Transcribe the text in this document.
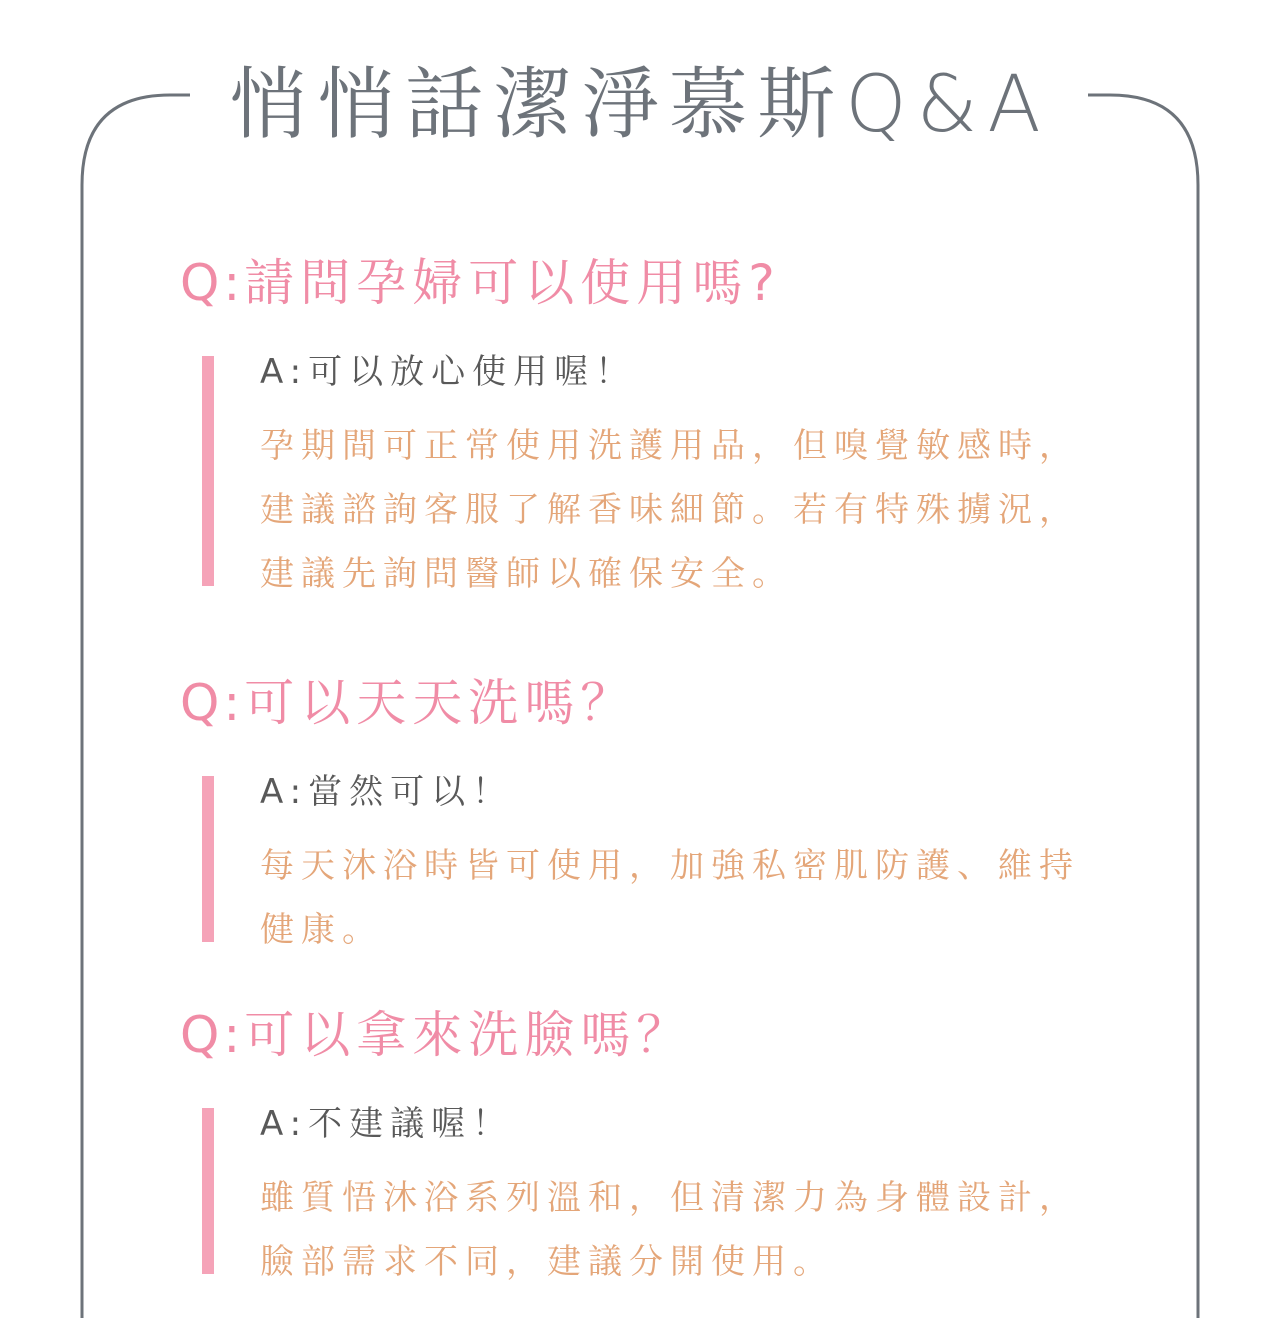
悄悄話潔淨慕斯Q&A
Q:請問孕婦可以使用嗎?
A:可以放心使用喔！
孕期間可正常使用洗護用品，但嗅覺敏感時，
建議諮詢客服了解香味細節。若有特殊擄況，
建議先詢問醫師以確保安全。
Q:可以天天洗嗎？
A:當然可以！
每天沐浴時皆可使用，加強私密肌防護、維持
健康。
Q:可以拿來洗臉嗎？
A:不建議喔！
雖質悟沐浴系列溫和，但清潔力為身體設計，
臉部需求不同，建議分開使用。
